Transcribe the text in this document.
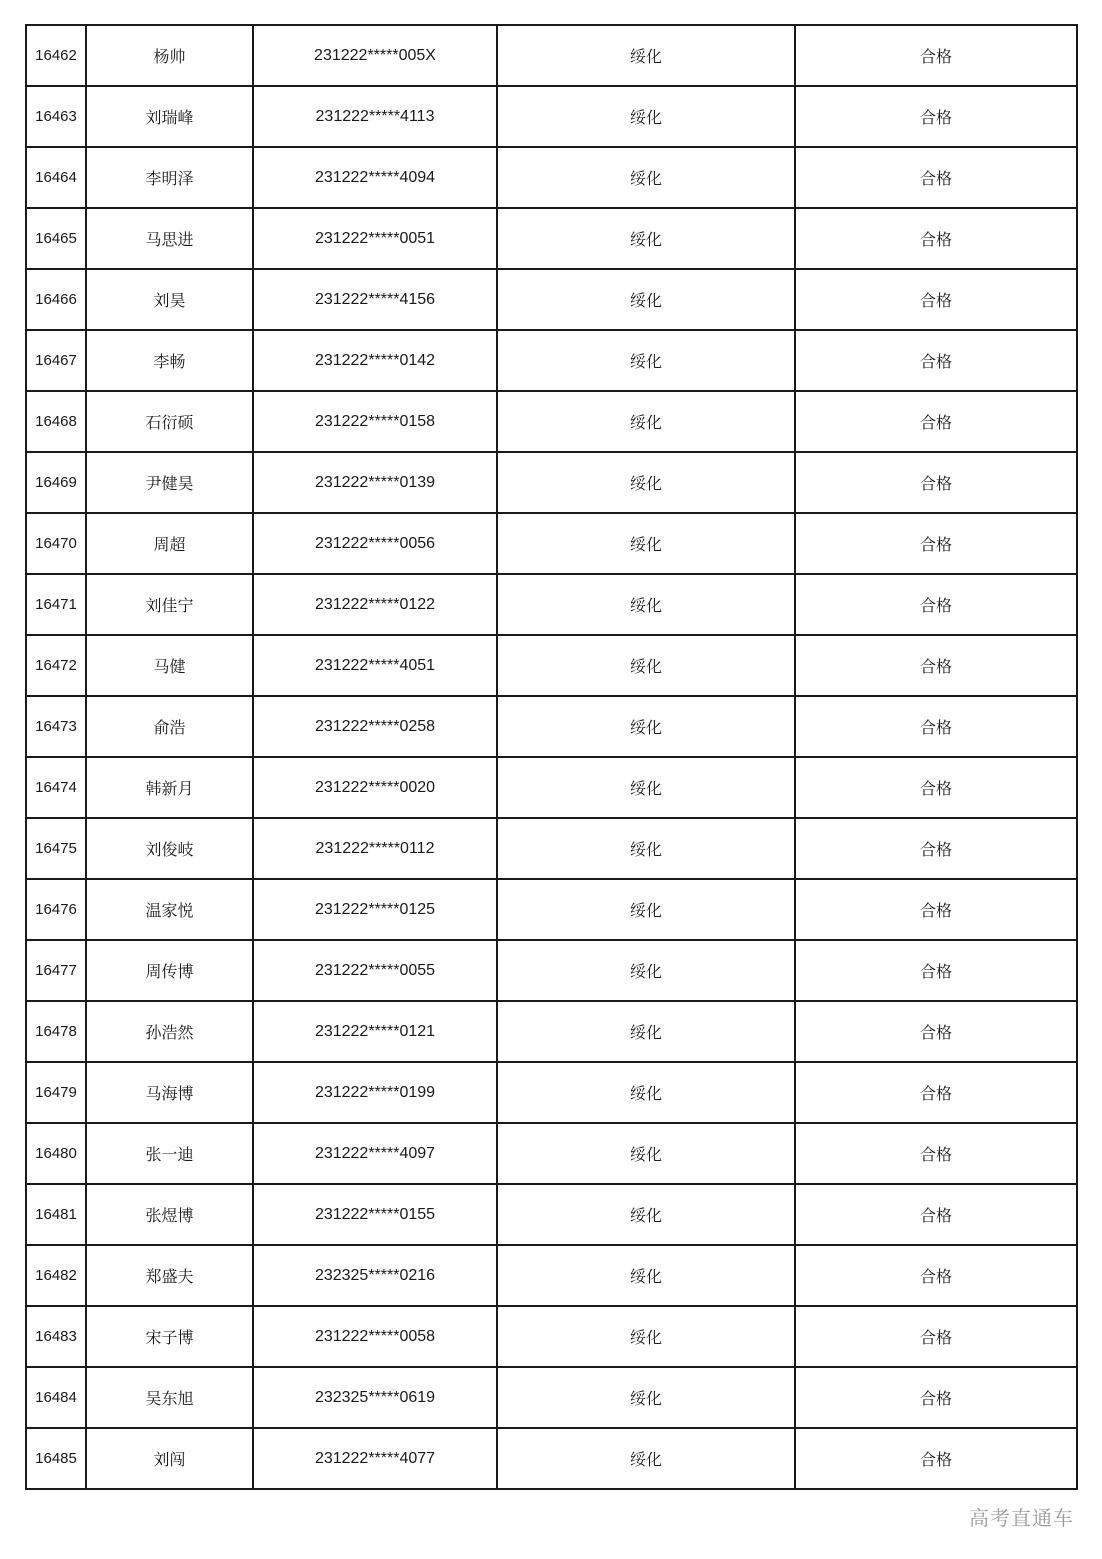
16462	杨帅	231222*****005X	绥化	合格
16463	刘瑞峰	231222*****4113	绥化	合格
16464	李明泽	231222*****4094	绥化	合格
16465	马思进	231222*****0051	绥化	合格
16466	刘昊	231222*****4156	绥化	合格
16467	李畅	231222*****0142	绥化	合格
16468	石衍硕	231222*****0158	绥化	合格
16469	尹健昊	231222*****0139	绥化	合格
16470	周超	231222*****0056	绥化	合格
16471	刘佳宁	231222*****0122	绥化	合格
16472	马健	231222*****4051	绥化	合格
16473	俞浩	231222*****0258	绥化	合格
16474	韩新月	231222*****0020	绥化	合格
16475	刘俊岐	231222*****0112	绥化	合格
16476	温家悦	231222*****0125	绥化	合格
16477	周传博	231222*****0055	绥化	合格
16478	孙浩然	231222*****0121	绥化	合格
16479	马海博	231222*****0199	绥化	合格
16480	张一迪	231222*****4097	绥化	合格
16481	张煜博	231222*****0155	绥化	合格
16482	郑盛夫	232325*****0216	绥化	合格
16483	宋子博	231222*****0058	绥化	合格
16484	吴东旭	232325*****0619	绥化	合格
16485	刘闯	231222*****4077	绥化	合格
高考直通车
